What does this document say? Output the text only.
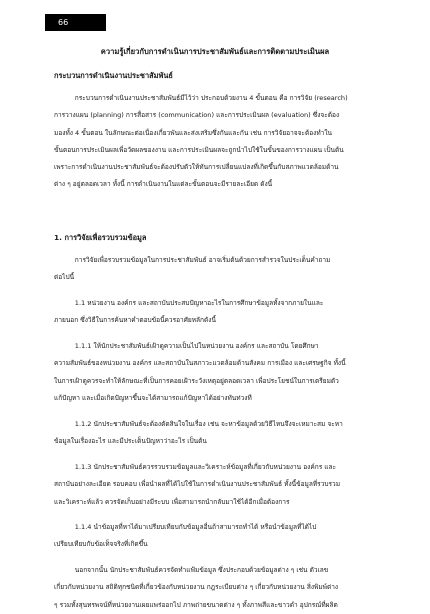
66
ความรู้เกี่ยวกับการดำเนินการประชาสัมพันธ์และการติดตามประเมินผล
กระบวนการดำเนินงานประชาสัมพันธ์
กระบวนการดำเนินงานประชาสัมพันธ์มีไว้ว่า ประกอบด้วยงาน 4 ขั้นตอน คือ การวิจัย (research)
การวางแผน (planning) การสื่อสาร (communication) และการประเมินผล (evaluation) ซึ่งจะต้อง
มองทั้ง 4 ขั้นตอน ในลักษณะต่อเนื่องเกี่ยวพันและส่งเสริมซึ่งกันและกัน เช่น การวิจัยอาจจะต้องทำใน
ขั้นตอนการประเมินผลเพื่อวัดผลของงาน และการประเมินผลจะถูกนำไปใช้ในขั้นของการวางแผน เป็นต้น
เพราะการดำเนินงานประชาสัมพันธ์จะต้องปรับตัวให้ทันการเปลี่ยนแปลงที่เกิดขึ้นกับสภาพแวดล้อมด้าน
ต่าง ๆ อยู่ตลอดเวลา ทั้งนี้ การดำเนินงานในแต่ละขั้นตอนจะมีรายละเอียด ดังนี้
1. การวิจัยเพื่อรวบรวมข้อมูล
การวิจัยเพื่อรวบรวมข้อมูลในการประชาสัมพันธ์ อาจเริ่มต้นด้วยการสำรวจในประเด็นคำถาม
ต่อไปนี้
1.1 หน่วยงาน องค์กร และสถาบันประสบปัญหาอะไรในการศึกษาข้อมูลทั้งจากภายในและ
ภายนอก ซึ่งวิธีในการค้นหาคำตอบข้อนี้ควรอาศัยหลักดังนี้
1.1.1 ให้นักประชาสัมพันธ์เฝ้าดูความเป็นไปในหน่วยงาน องค์กร และสถาบัน โดยศึกษา
ความสัมพันธ์ของหน่วยงาน องค์กร และสถาบันในสภาวะแวดล้อมด้านสังคม การเมือง และเศรษฐกิจ ทั้งนี้
ในการเฝ้าดูควรจะทำให้ลักษณะที่เป็นการคอยเฝ้าระวังเหตุอยู่ตลอดเวลา เพื่อประโยชน์ในการเตรียมตัว
แก้ปัญหา และเมื่อเกิดปัญหาขึ้นจะได้สามารถแก้ปัญหาได้อย่างทันท่วงที
1.1.2 นักประชาสัมพันธ์จะต้องตัดสินใจในเรื่อง เช่น จะหาข้อมูลด้วยวิธีไหนจึงจะเหมาะสม จะหา
ข้อมูลในเรื่องอะไร และมีประเด็นปัญหาว่าอะไร เป็นต้น
1.1.3 นักประชาสัมพันธ์ควรรวบรวมข้อมูลและวิเคราะห์ข้อมูลที่เกี่ยวกับหน่วยงาน องค์กร และ
สถาบันอย่างละเอียด รอบคอบ เพื่อนำผลที่ได้ไปใช้ในการดำเนินงานประชาสัมพันธ์ ทั้งนี้ข้อมูลที่รวบรวม
และวิเคราะห์แล้ว ควรจัดเก็บอย่างมีระบบ เพื่อสามารถนำกลับมาใช้ได้อีกเมื่อต้องการ
1.1.4 นำข้อมูลที่หาได้มาเปรียบเทียบกับข้อมูลอื่นถ้าสามารถทำได้ หรือนำข้อมูลที่ได้ไป
เปรียบเทียบกับข้อเท็จจริงที่เกิดขึ้น
นอกจากนั้น นักประชาสัมพันธ์ควรจัดทำแฟ้มข้อมูล ซึ่งประกอบด้วยข้อมูลต่าง ๆ เช่น ตัวเลข
เกี่ยวกับหน่วยงาน สถิติทุกชนิดที่เกี่ยวข้องกับหน่วยงาน กฎระเบียบต่าง ๆ เกี่ยวกับหน่วยงาน สิ่งพิมพ์ต่าง
ๆ รวมทั้งสุนทรพจน์ที่หน่วยงานเผยแพร่ออกไป ภาพถ่ายขนาดต่าง ๆ ทั้งภาพสีและขาวดำ อุปกรณ์ที่ผลิต
